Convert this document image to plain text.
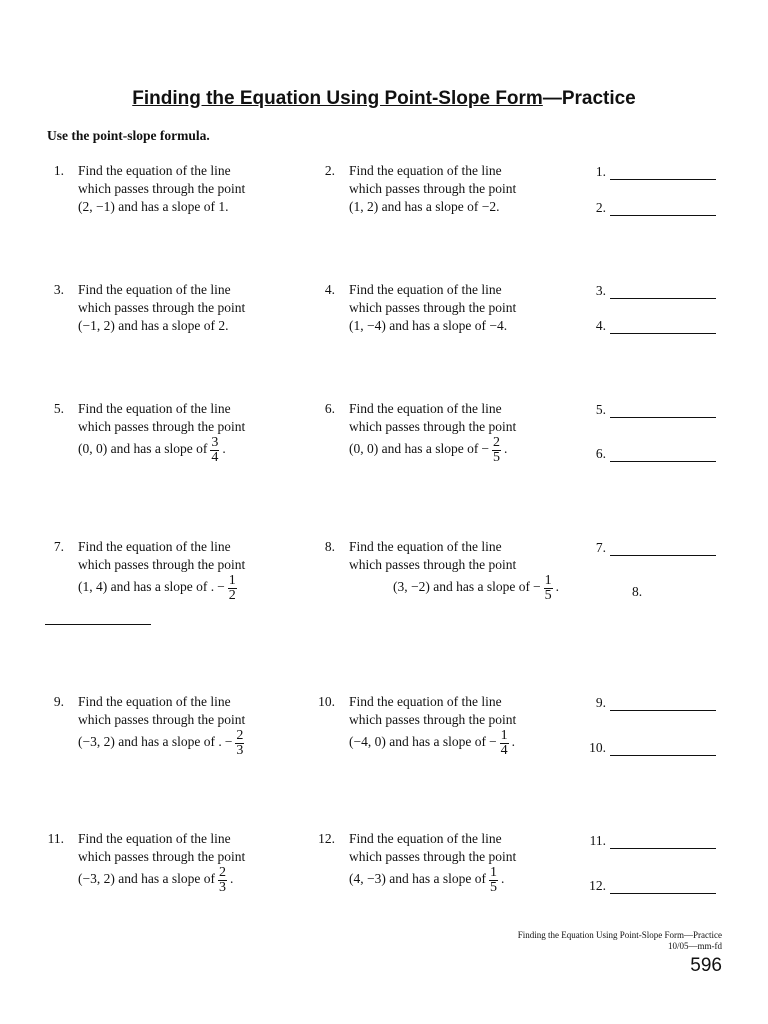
Finding the Equation Using Point-Slope Form—Practice
Use the point-slope formula.
1. Find the equation of the line
which passes through the point
(2, −1) and has a slope of 1.
2. Find the equation of the line
which passes through the point
(1, 2) and has a slope of −2.
3. Find the equation of the line
which passes through the point
(−1, 2) and has a slope of 2.
4. Find the equation of the line
which passes through the point
(1, −4) and has a slope of −4.
5. Find the equation of the line
which passes through the point
(0, 0) and has a slope of $\frac{3}{4}$ .
6. Find the equation of the line
which passes through the point
(0, 0) and has a slope of − $\frac{2}{5}$ .
7. Find the equation of the line
which passes through the point
(1, 4) and has a slope of . − $\frac{1}{2}$
8. Find the equation of the line
which passes through the point
(3, −2) and has a slope of − $\frac{1}{5}$ .
9. Find the equation of the line
which passes through the point
(−3, 2) and has a slope of . − $\frac{2}{3}$
10. Find the equation of the line
which passes through the point
(−4, 0) and has a slope of − $\frac{1}{4}$ .
11. Find the equation of the line
which passes through the point
(−3, 2) and has a slope of $\frac{2}{3}$ .
12. Find the equation of the line
which passes through the point
(4, −3) and has a slope of $\frac{1}{5}$ .
1.
2.
3.
4.
5.
6.
7.
9.
10.
11.
12.
8.
Finding the Equation Using Point-Slope Form—Practice
10/05—mm-fd
596
